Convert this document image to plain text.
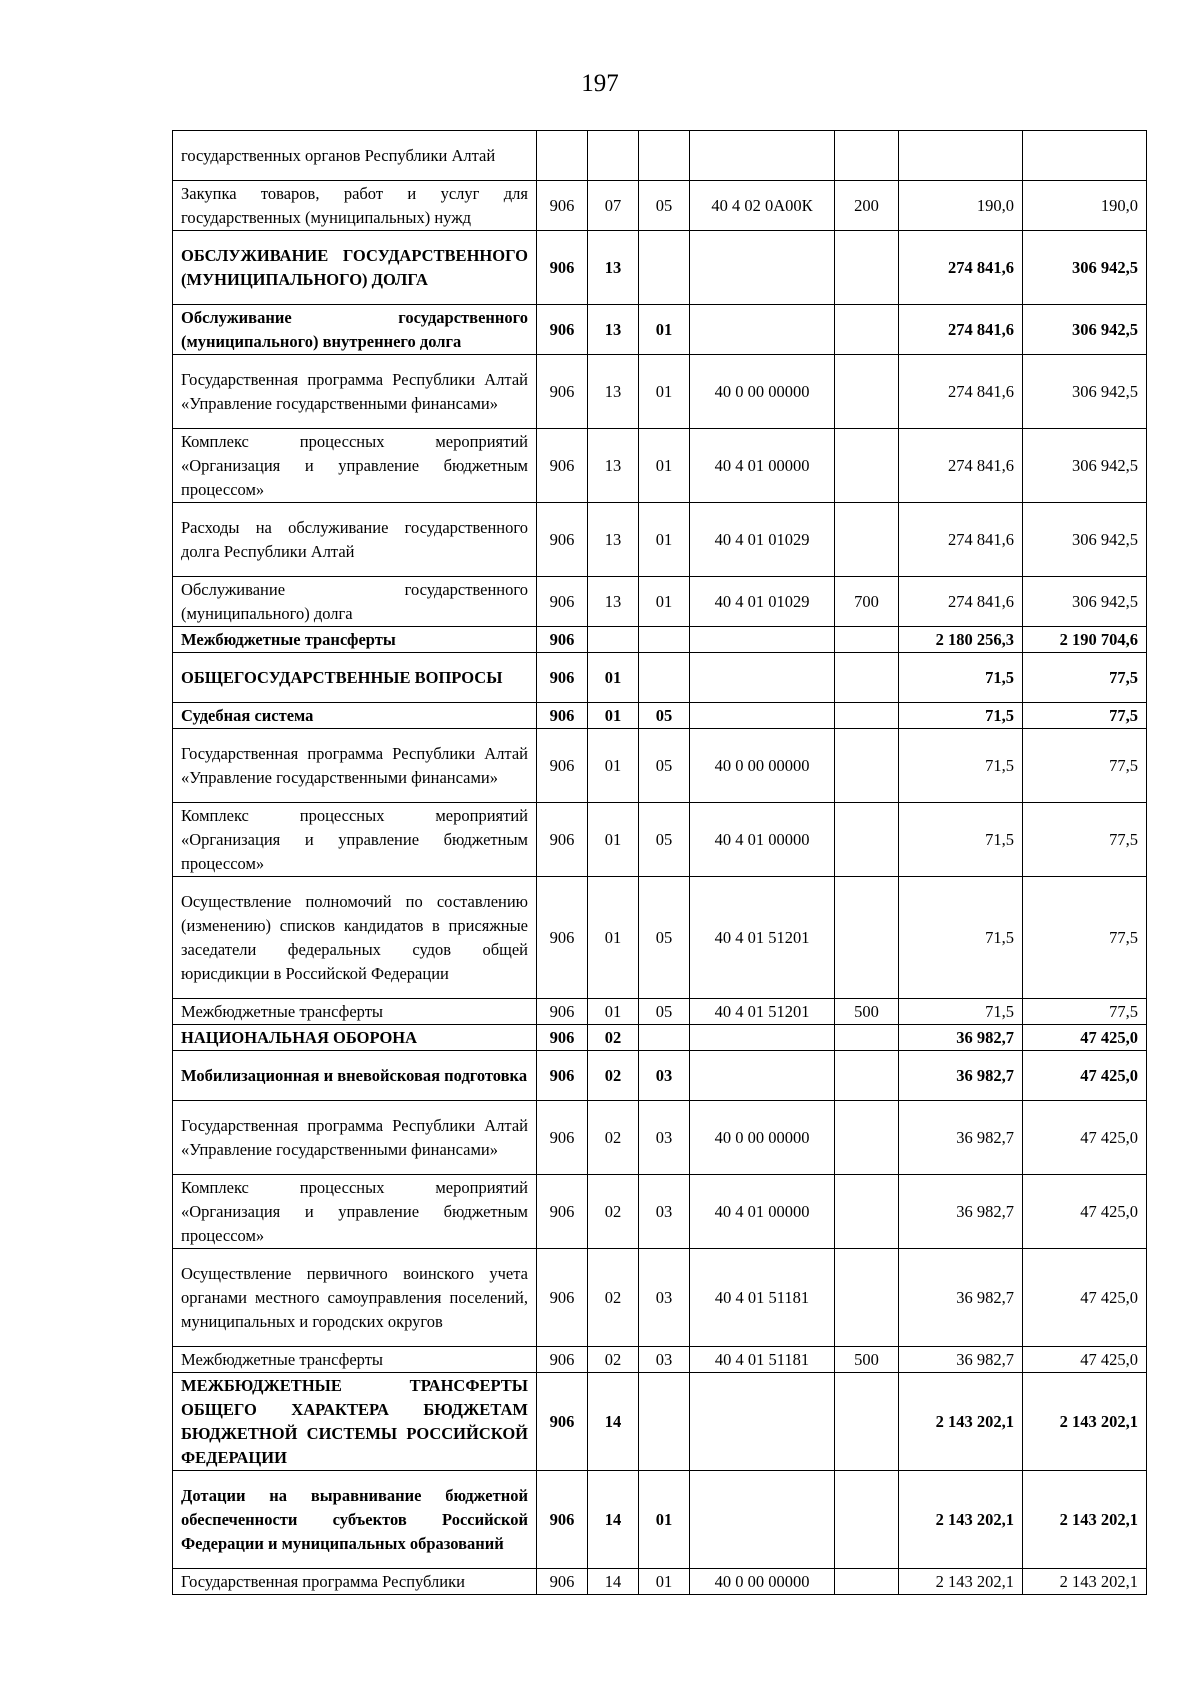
197
государственных органов Республики Алтай							
Закупка товаров, работ и услуг для государственных (муниципальных) нужд	906	07	05	40 4 02 0А00К	200	190,0	190,0
ОБСЛУЖИВАНИЕ ГОСУДАРСТВЕННОГО (МУНИЦИПАЛЬНОГО) ДОЛГА	906	13				274 841,6	306 942,5
Обслуживание государственного (муниципального) внутреннего долга	906	13	01			274 841,6	306 942,5
Государственная программа Республики Алтай «Управление государственными финансами»	906	13	01	40 0 00 00000		274 841,6	306 942,5
Комплекс процессных мероприятий «Организация и управление бюджетным процессом»	906	13	01	40 4 01 00000		274 841,6	306 942,5
Расходы на обслуживание государственного долга Республики Алтай	906	13	01	40 4 01 01029		274 841,6	306 942,5
Обслуживание государственного (муниципального) долга	906	13	01	40 4 01 01029	700	274 841,6	306 942,5
Межбюджетные трансферты	906					2 180 256,3	2 190 704,6
ОБЩЕГОСУДАРСТВЕННЫЕ ВОПРОСЫ	906	01				71,5	77,5
Судебная система	906	01	05			71,5	77,5
Государственная программа Республики Алтай «Управление государственными финансами»	906	01	05	40 0 00 00000		71,5	77,5
Комплекс процессных мероприятий «Организация и управление бюджетным процессом»	906	01	05	40 4 01 00000		71,5	77,5
Осуществление полномочий по составлению (изменению) списков кандидатов в присяжные заседатели федеральных судов общей юрисдикции в Российской Федерации	906	01	05	40 4 01 51201		71,5	77,5
Межбюджетные трансферты	906	01	05	40 4 01 51201	500	71,5	77,5
НАЦИОНАЛЬНАЯ ОБОРОНА	906	02				36 982,7	47 425,0
Мобилизационная и вневойсковая подготовка	906	02	03			36 982,7	47 425,0
Государственная программа Республики Алтай «Управление государственными финансами»	906	02	03	40 0 00 00000		36 982,7	47 425,0
Комплекс процессных мероприятий «Организация и управление бюджетным процессом»	906	02	03	40 4 01 00000		36 982,7	47 425,0
Осуществление первичного воинского учета органами местного самоуправления поселений, муниципальных и городских округов	906	02	03	40 4 01 51181		36 982,7	47 425,0
Межбюджетные трансферты	906	02	03	40 4 01 51181	500	36 982,7	47 425,0
МЕЖБЮДЖЕТНЫЕ ТРАНСФЕРТЫ ОБЩЕГО ХАРАКТЕРА БЮДЖЕТАМ БЮДЖЕТНОЙ СИСТЕМЫ РОССИЙСКОЙ ФЕДЕРАЦИИ	906	14				2 143 202,1	2 143 202,1
Дотации на выравнивание бюджетной обеспеченности субъектов Российской Федерации и муниципальных образований	906	14	01			2 143 202,1	2 143 202,1
Государственная программа Республики	906	14	01	40 0 00 00000		2 143 202,1	2 143 202,1
